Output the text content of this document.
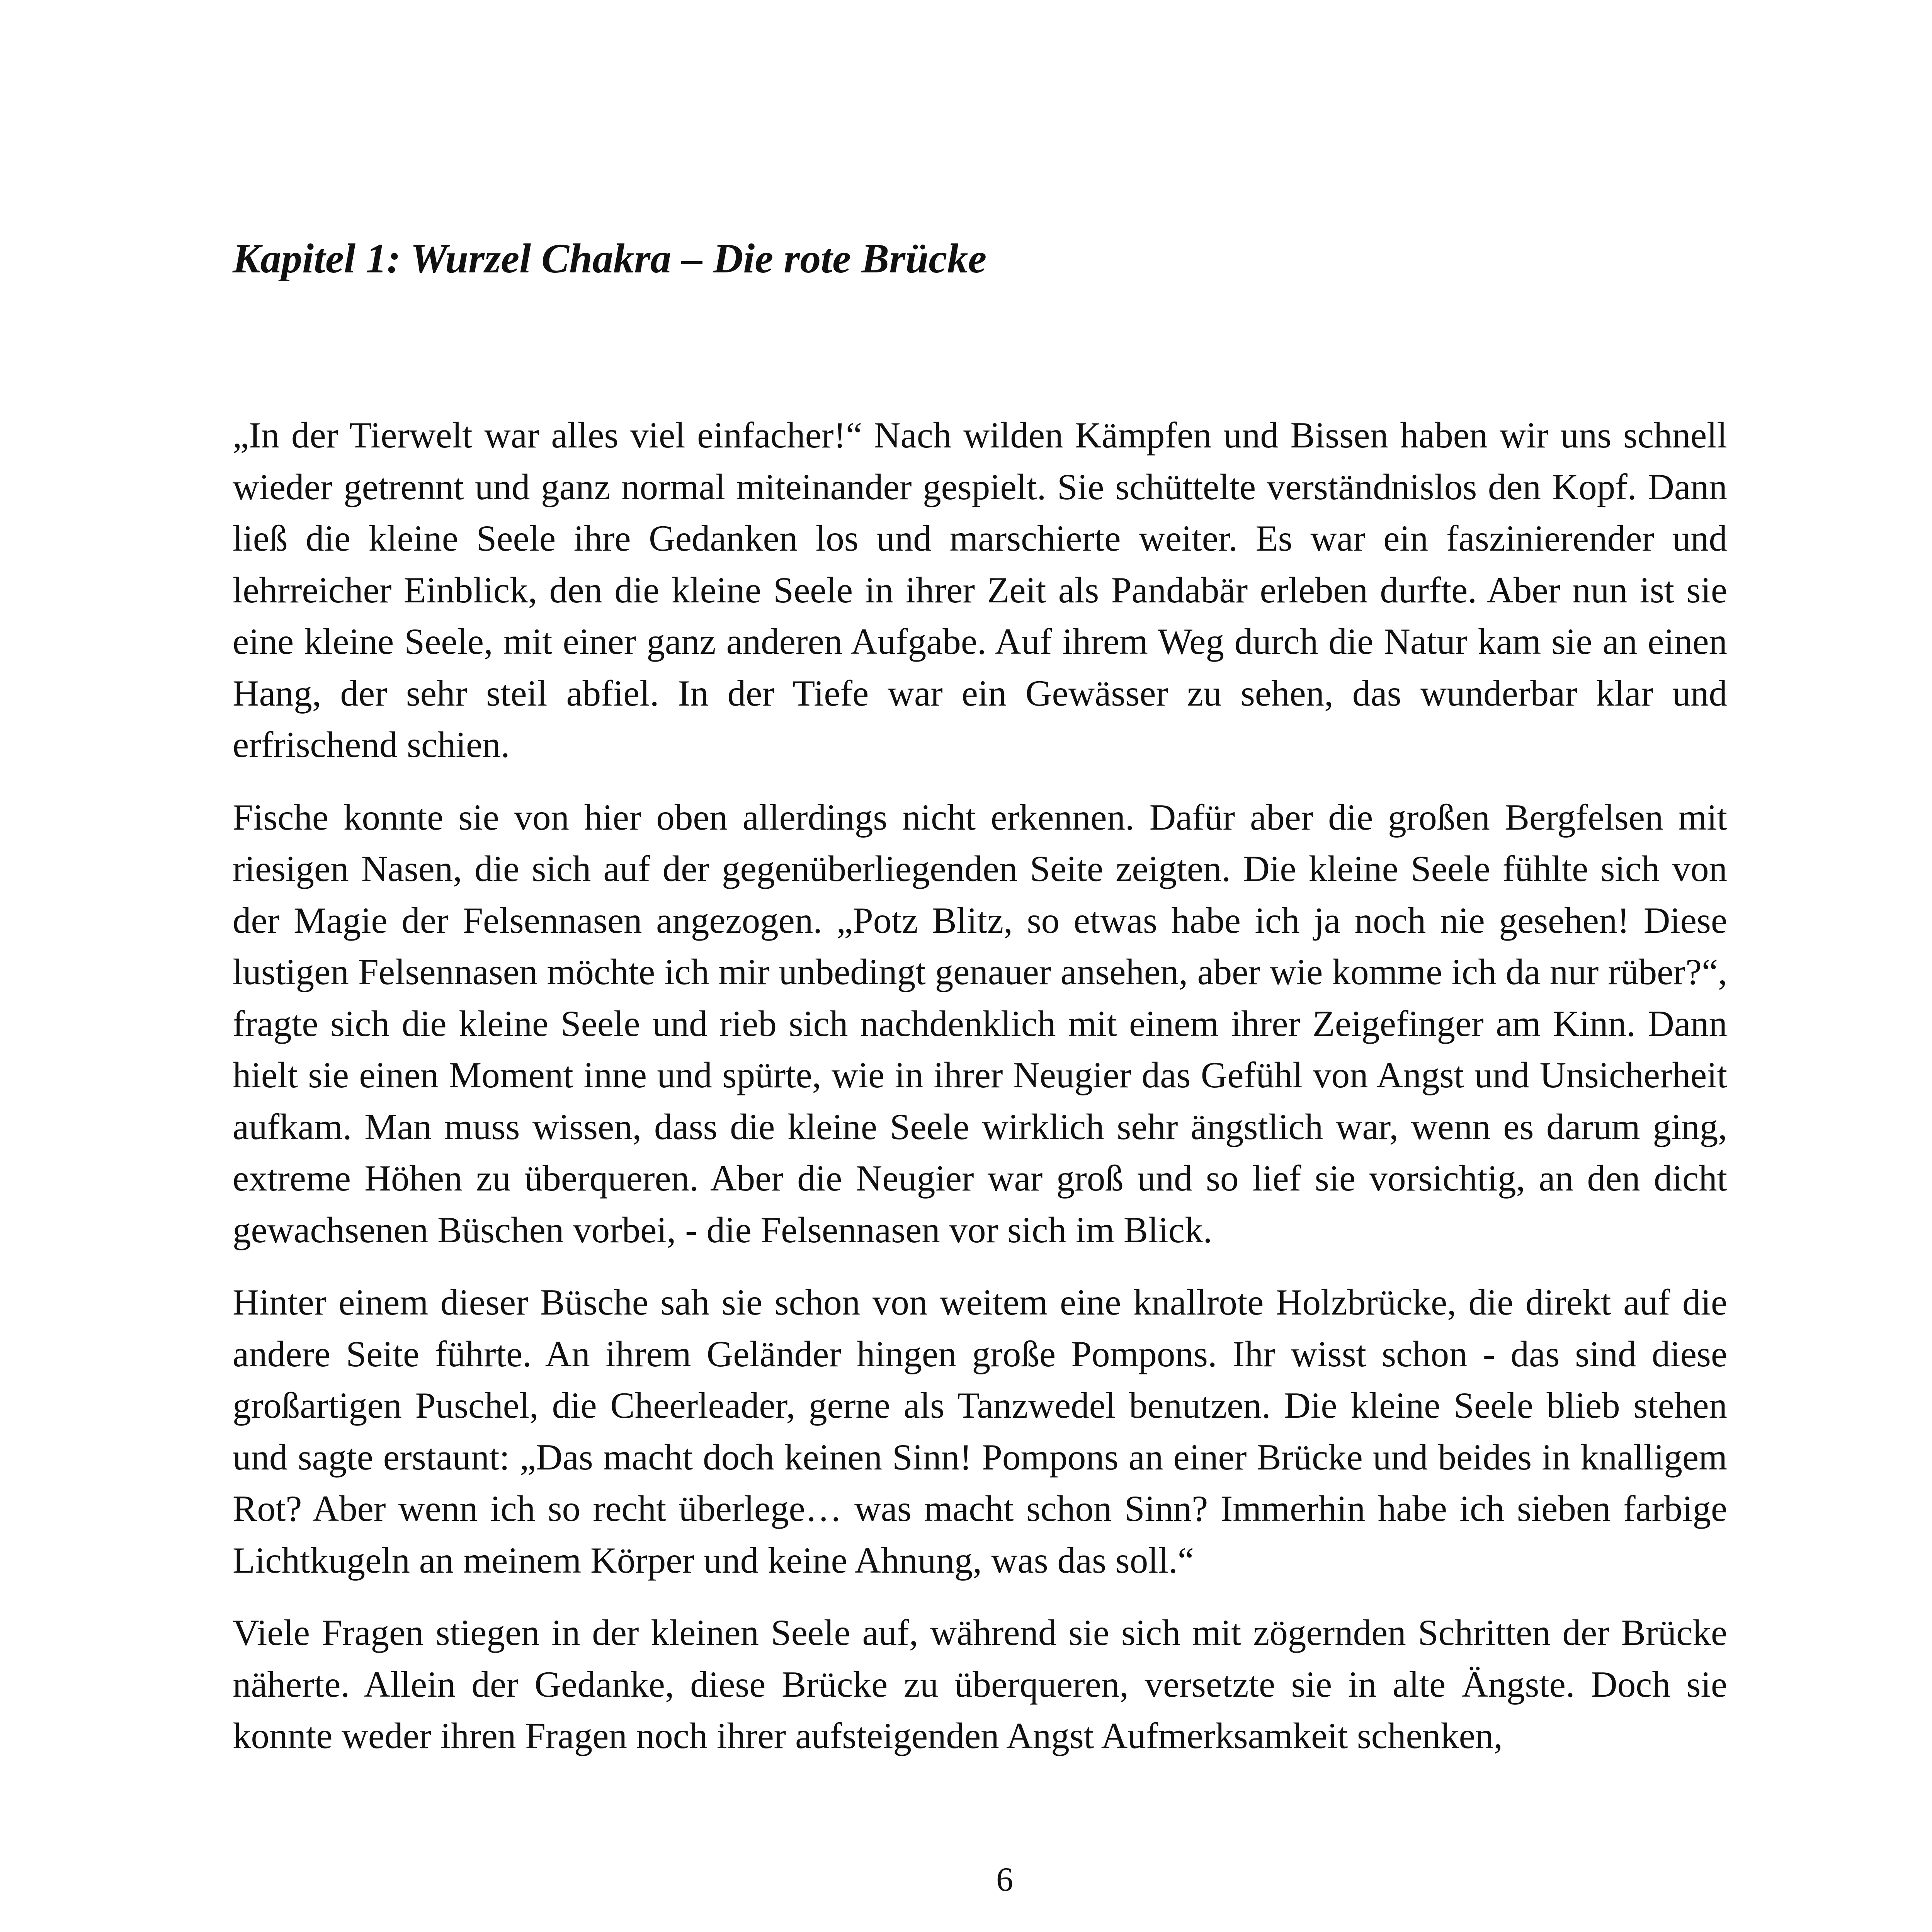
Kapitel 1: Wurzel Chakra – Die rote Brücke

„In der Tierwelt war alles viel einfacher!“ Nach wilden Kämpfen und Bissen haben wir uns schnell wieder getrennt und ganz normal miteinander gespielt. Sie schüttelte verständnislos den Kopf. Dann ließ die kleine Seele ihre Gedanken los und marschierte weiter. Es war ein faszinierender und lehrreicher Einblick, den die kleine Seele in ihrer Zeit als Pandabär erleben durfte. Aber nun ist sie eine kleine Seele, mit einer ganz anderen Aufgabe. Auf ihrem Weg durch die Natur kam sie an einen Hang, der sehr steil abfiel. In der Tiefe war ein Gewässer zu sehen, das wunderbar klar und erfrischend schien.

Fische konnte sie von hier oben allerdings nicht erkennen. Dafür aber die großen Bergfelsen mit riesigen Nasen, die sich auf der gegenüberliegenden Seite zeigten. Die kleine Seele fühlte sich von der Magie der Felsennasen angezogen. „Potz Blitz, so etwas habe ich ja noch nie gesehen! Diese lustigen Felsennasen möchte ich mir unbedingt genauer ansehen, aber wie komme ich da nur rüber?“, fragte sich die kleine Seele und rieb sich nachdenklich mit einem ihrer Zeigefinger am Kinn. Dann hielt sie einen Moment inne und spürte, wie in ihrer Neugier das Gefühl von Angst und Unsicherheit aufkam. Man muss wissen, dass die kleine Seele wirklich sehr ängstlich war, wenn es darum ging, extreme Höhen zu überqueren. Aber die Neugier war groß und so lief sie vorsichtig, an den dicht gewachsenen Büschen vorbei, - die Felsennasen vor sich im Blick.

Hinter einem dieser Büsche sah sie schon von weitem eine knallrote Holzbrücke, die direkt auf die andere Seite führte. An ihrem Geländer hingen große Pompons. Ihr wisst schon - das sind diese großartigen Puschel, die Cheerleader, gerne als Tanzwedel benutzen. Die kleine Seele blieb stehen und sagte erstaunt: „Das macht doch keinen Sinn! Pompons an einer Brücke und beides in knalligem Rot? Aber wenn ich so recht überlege… was macht schon Sinn? Immerhin habe ich sieben farbige Lichtkugeln an meinem Körper und keine Ahnung, was das soll.“

Viele Fragen stiegen in der kleinen Seele auf, während sie sich mit zögernden Schritten der Brücke näherte. Allein der Gedanke, diese Brücke zu überqueren, versetzte sie in alte Ängste. Doch sie konnte weder ihren Fragen noch ihrer aufsteigenden Angst Aufmerksamkeit schenken,

6
